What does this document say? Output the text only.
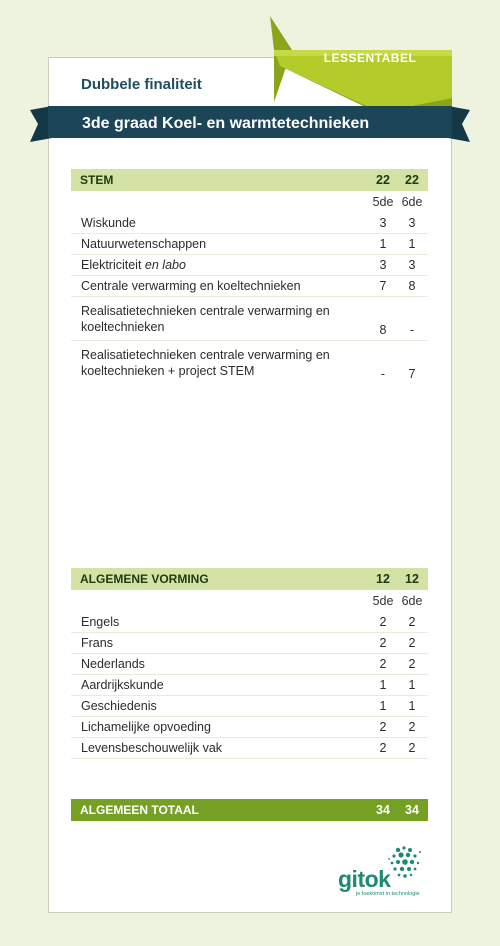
LESSENTABEL
Dubbele finaliteit
3de graad Koel- en warmtetechnieken
STEM	22	22
	5de	6de
Wiskunde	3	3
Natuurwetenschappen	1	1
Elektriciteit en labo	3	3
Centrale verwarming en koeltechnieken	7	8
Realisatietechnieken centrale verwarming en koeltechnieken	8	-
Realisatietechnieken centrale verwarming en koeltechnieken + project STEM	-	7
ALGEMENE VORMING	12	12
	5de	6de
Engels	2	2
Frans	2	2
Nederlands	2	2
Aardrijkskunde	1	1
Geschiedenis	1	1
Lichamelijke opvoeding	2	2
Levensbeschouwelijk vak	2	2
ALGEMEEN TOTAAL	34	34
gitok
je toekomst in technologie
